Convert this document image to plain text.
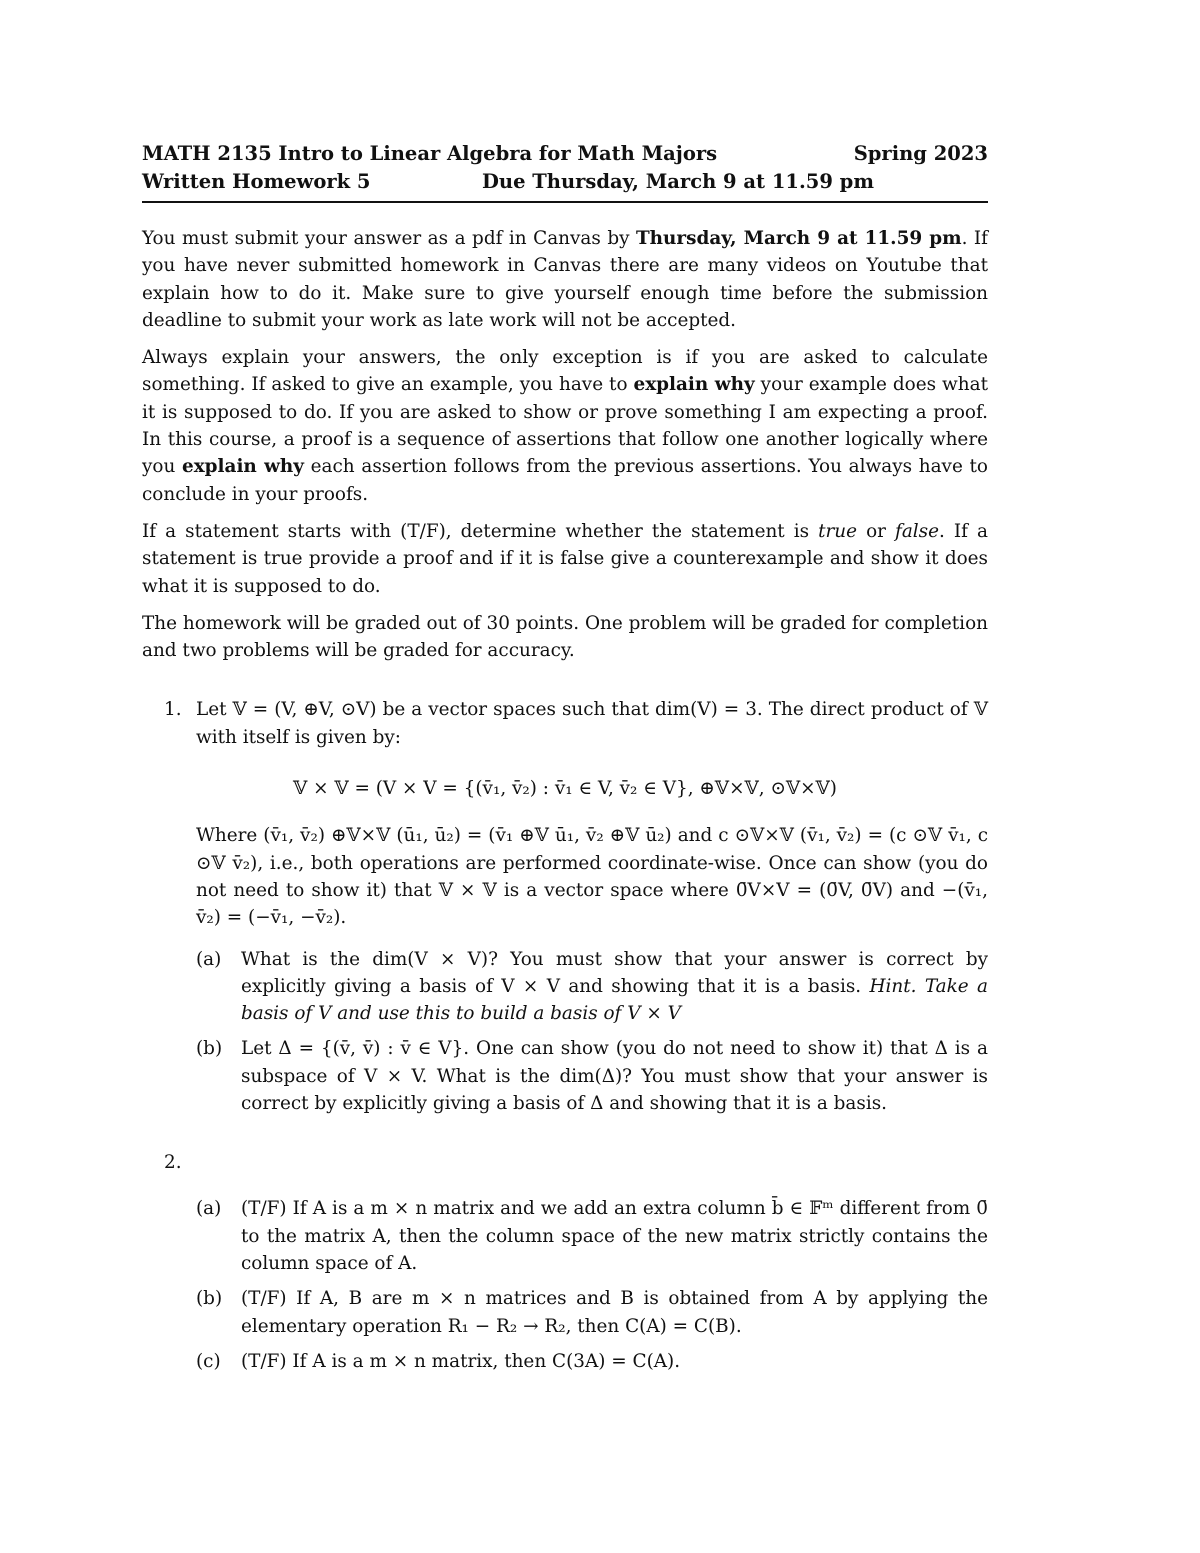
MATH 2135 Intro to Linear Algebra for Math Majors	Spring 2023
Written Homework 5	Due Thursday, March 9 at 11.59 pm

You must submit your answer as a pdf in Canvas by Thursday, March 9 at 11.59 pm. If you have never submitted homework in Canvas there are many videos on Youtube that explain how to do it. Make sure to give yourself enough time before the submission deadline to submit your work as late work will not be accepted.

Always explain your answers, the only exception is if you are asked to calculate something. If asked to give an example, you have to explain why your example does what it is supposed to do. If you are asked to show or prove something I am expecting a proof. In this course, a proof is a sequence of assertions that follow one another logically where you explain why each assertion follows from the previous assertions. You always have to conclude in your proofs.

If a statement starts with (T/F), determine whether the statement is true or false. If a statement is true provide a proof and if it is false give a counterexample and show it does what it is supposed to do.

The homework will be graded out of 30 points. One problem will be graded for completion and two problems will be graded for accuracy.

1. Let 𝕍 = (V, ⊕V, ⊙V) be a vector spaces such that dim(V) = 3. The direct product of 𝕍 with itself is given by:

𝕍 × 𝕍 = (V × V = {(v̄₁, v̄₂) : v̄₁ ∈ V, v̄₂ ∈ V}, ⊕𝕍×𝕍, ⊙𝕍×𝕍)

Where (v̄₁, v̄₂) ⊕𝕍×𝕍 (ū₁, ū₂) = (v̄₁ ⊕𝕍 ū₁, v̄₂ ⊕𝕍 ū₂) and c ⊙𝕍×𝕍 (v̄₁, v̄₂) = (c ⊙𝕍 v̄₁, c ⊙𝕍 v̄₂), i.e., both operations are performed coordinate-wise. Once can show (you do not need to show it) that 𝕍 × 𝕍 is a vector space where 0̄V×V = (0̄V, 0̄V) and −(v̄₁, v̄₂) = (−v̄₁, −v̄₂).

(a) What is the dim(V × V)? You must show that your answer is correct by explicitly giving a basis of V × V and showing that it is a basis. Hint. Take a basis of V and use this to build a basis of V × V

(b) Let Δ = {(v̄, v̄) : v̄ ∈ V}. One can show (you do not need to show it) that Δ is a subspace of V × V. What is the dim(Δ)? You must show that your answer is correct by explicitly giving a basis of Δ and showing that it is a basis.

2.
(a) (T/F) If A is a m × n matrix and we add an extra column b̄ ∈ 𝔽ᵐ different from 0̄ to the matrix A, then the column space of the new matrix strictly contains the column space of A.

(b) (T/F) If A, B are m × n matrices and B is obtained from A by applying the elementary operation R₁ − R₂ → R₂, then C(A) = C(B).

(c) (T/F) If A is a m × n matrix, then C(3A) = C(A).
